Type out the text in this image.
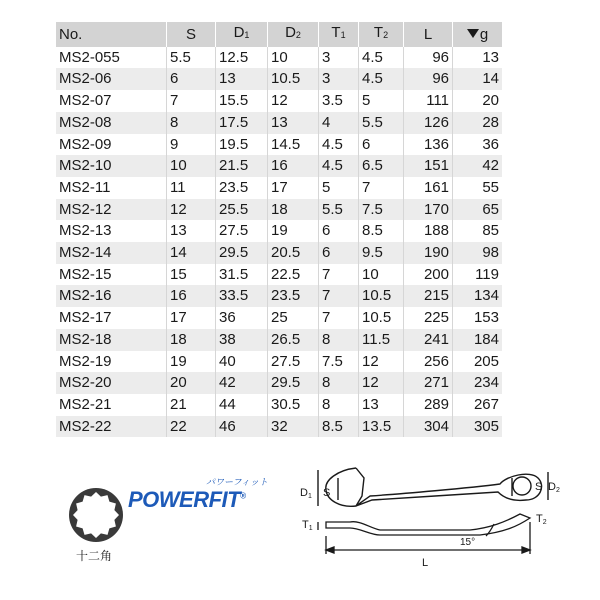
No.	S	$D_1$	$D_2$	$T_1$	$T_2$	L	g
MS2-055	5.5	12.5	10	3	4.5	96	13
MS2-06	6	13	10.5	3	4.5	96	14
MS2-07	7	15.5	12	3.5	5	111	20
MS2-08	8	17.5	13	4	5.5	126	28
MS2-09	9	19.5	14.5	4.5	6	136	36
MS2-10	10	21.5	16	4.5	6.5	151	42
MS2-11	11	23.5	17	5	7	161	55
MS2-12	12	25.5	18	5.5	7.5	170	65
MS2-13	13	27.5	19	6	8.5	188	85
MS2-14	14	29.5	20.5	6	9.5	190	98
MS2-15	15	31.5	22.5	7	10	200	119
MS2-16	16	33.5	23.5	7	10.5	215	134
MS2-17	17	36	25	7	10.5	225	153
MS2-18	18	38	26.5	8	11.5	241	184
MS2-19	19	40	27.5	7.5	12	256	205
MS2-20	20	42	29.5	8	12	271	234
MS2-21	21	44	30.5	8	13	289	267
MS2-22	22	46	32	8.5	13.5	304	305
D1 S	S D2
T1
T2
15°
L
十二角
POWERFIT®
パワーフィット
